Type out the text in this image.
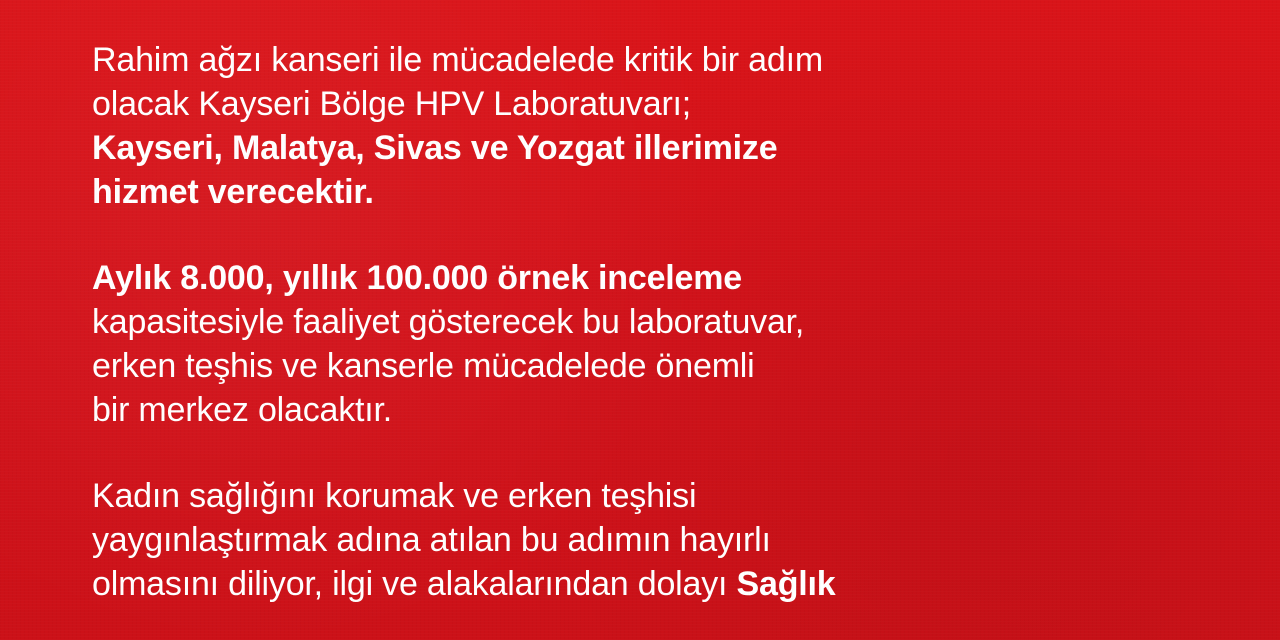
Rahim ağzı kanseri ile mücadelede kritik bir adım
olacak Kayseri Bölge HPV Laboratuvarı;
Kayseri, Malatya, Sivas ve Yozgat illerimize
hizmet verecektir.
Aylık 8.000, yıllık 100.000 örnek inceleme
kapasitesiyle faaliyet gösterecek bu laboratuvar,
erken teşhis ve kanserle mücadelede önemli
bir merkez olacaktır.
Kadın sağlığını korumak ve erken teşhisi
yaygınlaştırmak adına atılan bu adımın hayırlı
olmasını diliyor, ilgi ve alakalarından dolayı Sağlık
